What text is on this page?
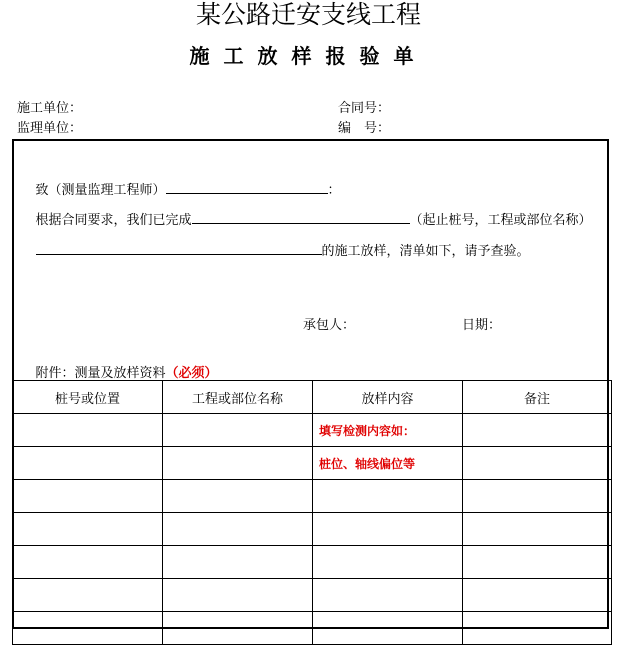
某公路迁安支线工程
施工放样报验单
施工单位：	合同号：
监理单位：	编　号：

致（测量监理工程师）	：

根据合同要求，我们已完成	（起止桩号，工程或部位名称）

的施工放样，清单如下，请予查验。

承包人：	日期：

附件：测量及放样资料（必须）

桩号或位置	工程或部位名称	放样内容	备注
		填写检测内容如：	
		桩位、轴线偏位等	
